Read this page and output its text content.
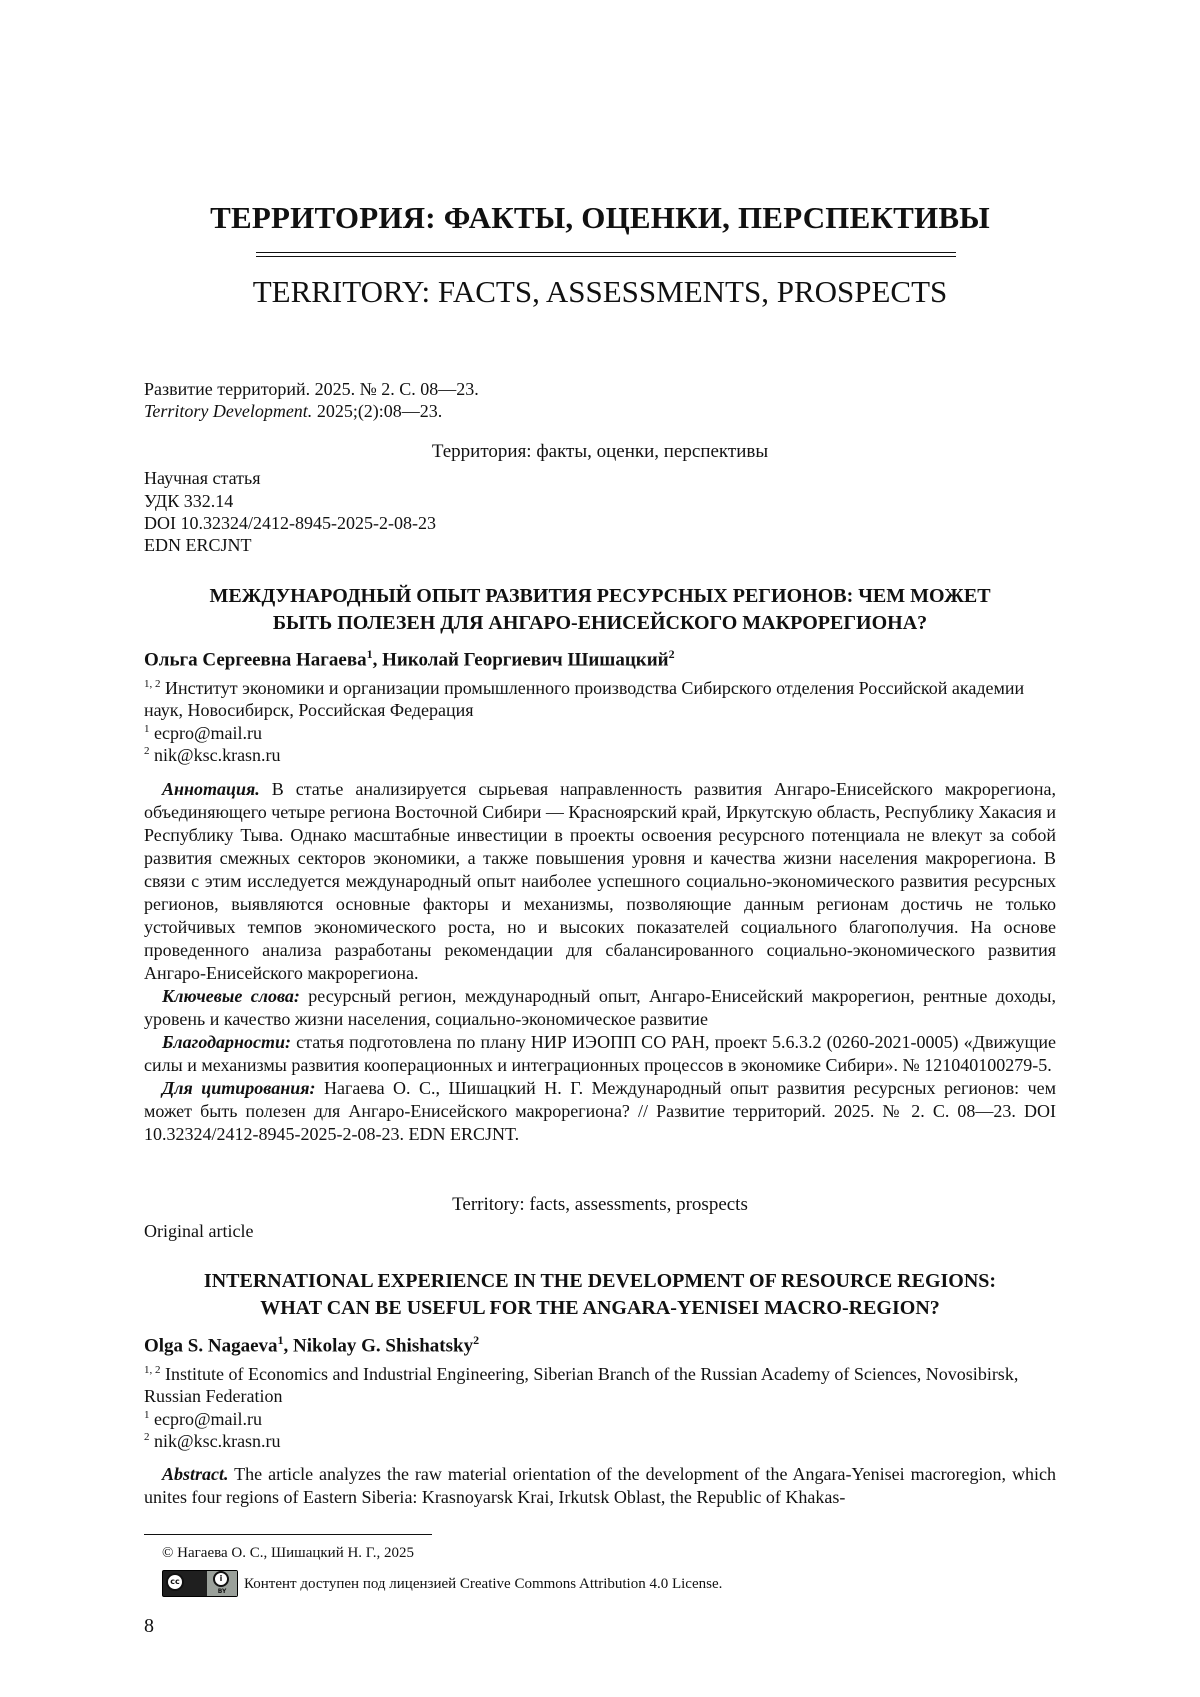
ТЕРРИТОРИЯ: ФАКТЫ, ОЦЕНКИ, ПЕРСПЕКТИВЫ
TERRITORY: FACTS, ASSESSMENTS, PROSPECTS
Развитие территорий. 2025. № 2. С. 08—23.
Territory Development. 2025;(2):08—23.
Территория: факты, оценки, перспективы
Научная статья
УДК 332.14
DOI 10.32324/2412-8945-2025-2-08-23
EDN ERCJNT
МЕЖДУНАРОДНЫЙ ОПЫТ РАЗВИТИЯ РЕСУРСНЫХ РЕГИОНОВ: ЧЕМ МОЖЕТ
БЫТЬ ПОЛЕЗЕН ДЛЯ АНГАРО-ЕНИСЕЙСКОГО МАКРОРЕГИОНА?
Ольга Сергеевна Нагаева$^1$, Николай Георгиевич Шишацкий$^2$
$^{1, 2}$ Институт экономики и организации промышленного производства Сибирского отделения Российской академии наук, Новосибирск, Российская Федерация
$^1$ ecpro@mail.ru
$^2$ nik@ksc.krasn.ru

Аннотация. В статье анализируется сырьевая направленность развития Ангаро-Енисейского макрорегиона, объединяющего четыре региона Восточной Сибири — Красноярский край, Иркутскую область, Республику Хакасия и Республику Тыва. Однако масштабные инвестиции в проекты освоения ресурсного потенциала не влекут за собой развития смежных секторов экономики, а также повышения уровня и качества жизни населения макрорегиона. В связи с этим исследуется международный опыт наиболее успешного социально-экономического развития ресурсных регионов, выявляются основные факторы и механизмы, позволяющие данным регионам достичь не только устойчивых темпов экономического роста, но и высоких показателей социального благополучия. На основе проведенного анализа разработаны рекомендации для сбалансированного социально-экономического развития Ангаро-Енисейского макрорегиона.

Ключевые слова: ресурсный регион, международный опыт, Ангаро-Енисейский макрорегион, рентные доходы, уровень и качество жизни населения, социально-экономическое развитие

Благодарности: статья подготовлена по плану НИР ИЭОПП СО РАН, проект 5.6.3.2 (0260-2021-0005) «Движущие силы и механизмы развития кооперационных и интеграционных процессов в экономике Сибири». № 121040100279-5.

Для цитирования: Нагаева О. С., Шишацкий Н. Г. Международный опыт развития ресурсных регионов: чем может быть полезен для Ангаро-Енисейского макрорегиона? // Развитие территорий. 2025. № 2. С. 08—23. DOI 10.32324/2412-8945-2025-2-08-23. EDN ERCJNT.

Territory: facts, assessments, prospects
Original article
INTERNATIONAL EXPERIENCE IN THE DEVELOPMENT OF RESOURCE REGIONS:
WHAT CAN BE USEFUL FOR THE ANGARA-YENISEI MACRO-REGION?
Olga S. Nagaeva$^1$, Nikolay G. Shishatsky$^2$
$^{1, 2}$ Institute of Economics and Industrial Engineering, Siberian Branch of the Russian Academy of Sciences, Novosibirsk, Russian Federation
$^1$ ecpro@mail.ru
$^2$ nik@ksc.krasn.ru

Abstract. The article analyzes the raw material orientation of the development of the Angara-Yenisei macroregion, which unites four regions of Eastern Siberia: Krasnoyarsk Krai, Irkutsk Oblast, the Republic of Khakas-

© Нагаева О. С., Шишацкий Н. Г., 2025
cc	i
BY	Контент доступен под лицензией Creative Commons Attribution 4.0 License.
8
